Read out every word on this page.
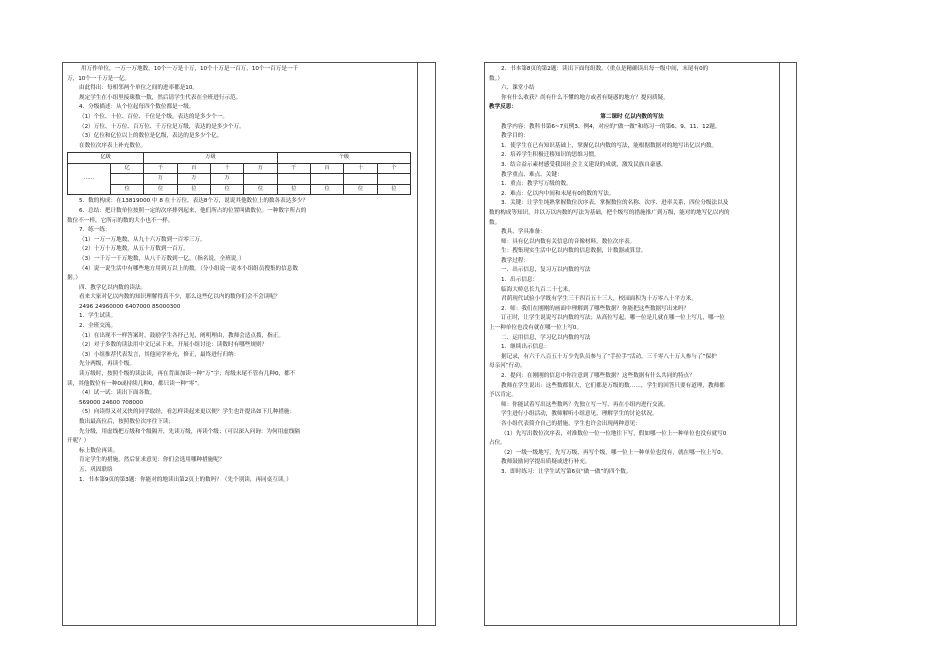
用万作单位，一万一万地数，10个一万是十万，10个十万是一百万，10个一百万是一千
万，10个一千万是一亿。
由此得出：每相邻两个单位之间的进率都是10。
规定学生在小组里接珠数一数，然后请学生代表在全班进行示范。
4．分级描述：从个位起每四个数位都是一级。
（1）个位、十位、百位、千位是个级，表达的是多少个一。
（2）万位、十万位、百万位、千万位是万级，表达的是多少个万。
（3）亿位和亿位以上的数位是亿级，表达的是多少个亿。
在数位次序表上补充数位。
亿级		万级				个级			
……	亿	千	百	十	万	千	百	十	个
		万	万	万					
	位	位	位	位	位	位	位	位	位
5．数的构成：在13819000 中 8 在十万位，表达8个万，说说其他数位上的数各表达多少？
6．总结：把计数单位按照一定的次序排列起来，他们所占的位置叫做数位。一种数字所占的
数位不一样，它所示的数的大小也不一样。
7．练一练：
（1）一万一万地数，从九十六万数到一百零三万。
（2）十万十万地数，从五十万数到一百万。
（3）一千万一千万地数，从八千万数到一亿。（指名说，全班说。）
（4）说一说生活中有哪些地方用到万以上的数。（分小组说一说本小组组员搜集的信息数
据。）
四、教学亿以内数的读法。
看来大家对亿以内数的知识理解得真不少，那么这些亿以内的数你们会不会读呢？
2496 24960000 6407000 85000300
1．学生试读。
2．全班交流。
（1）在出现不一样答案时，鼓励学生各抒己见，阐明理由，教师会适点拨，指正。
（2）对于多数的读法用中文记录下来，开展小组讨论：读数时有哪些规则？
（3）小组推荐代表发言，其他同学补充，修正，最终进行归纳：
先分两级，再读个级。
读万级时，按照个级的读法读，再在背面加读一种“万”字；每级末尾不管有几种0，都不
读，其他数位有一种0或持续几种0，都只读一种“零”。
（4）试一试：读出下面各数。
569000 24600 708000
（5）向读得又对又快的同学取经，看怎样读起来更以便？学生也许提出如下几种措施：
数出最高位后，按照数位次序往下读；
先分级，用虚线把万级和个级隔开，先读万级，再读个级；（可以深入问询：为何用虚线隔
开呢？）
标上数位再读。
肯定学生的措施，然后征求意见：你们会选用哪种措施呢？
五、巩固联络
1．书本第9页的第3题：你能对的地读出第2页上的数吗？（先个别读，再同桌互读。）
2．书本第8页的第2题：读出下面每组数。（重点是精确读出每一级中间，末尾有0的
数。）
六、课堂小结
你有什么收获？尚有什么不懂的地方或者有疑惑的地方？提问质疑。
教学反思：
第二课时 亿以内数的写法
教学内容：教科书第6~7页例3、例4，对应的“做一做”和练习一的第6、9、11、12题。
教学目的：
1．使学生在已有知识基础上，掌握亿以内数的写法，能根据数据对的地写出亿以内数。
2．培养学生积极迁移知识的思维习惯。
3．结合益示素材感受我国社会主义建设的成就，激发民族自豪感。
教学重点、难点、关键：
1．重点：教学写万级的数。
2．难点：亿以内中间和末尾有0的数的写法。
3．关键：让学生纯熟掌握数位次序表，掌握数位的名称、次序、进率关系，四位分级法以及
数的构成等知识，并以万以内数的写法为基础，把个级写的措施推广到万级，能对的地写亿以内的
数。
教具、学具准备：
师：具有亿以内数有关信息的音像材料，数位次序表。
生：搜集现实生活中亿以内数的信息数据，计数器或算盘。
教学过程：
一、出示信息，复习万以内数的写法
1．出示信息：
临海大桥总长九百二十七米。
君荫现代试验小学既有学生三千四百五十三人，校园面积为十万零八十平方米。
2．师：我们在刚刚的画面中理解到了哪些数据？你能把这些数据写出来吗？
订正时，让学生说说写以内数的写法；从高位写起，哪一位是几就在哪一位上写几，哪一位
上一种单位也没有就在哪一位上写0。
二、运用信息，学习亿以内数的写法
1．继续出示信息：
据记录，有六千八百五十万少先队员参与了“手拉手”活动，三千零八十万人参与了“保护
母亲河”行动。
2．提问：在刚刚的信息中你注意到了哪些数据？这些数据有什么共同的特点？
教师在学生说出：这些数都很大，它们都是万级的数……，学生的回答只要有道理，教师都
予以肯定。
师：你能试着写出这些数吗？先独立写一写，再在小组内进行交流。
学生进行小组活动，教师解听小组意见，理解学生的讨论状况。
各小组代表简介自己的措施，学生也许会出现两种意见：
（1）先写出数位次序表，对准数位一位一位地往下写，假如哪一位上一种单位也没有就写0
占位。
（2）一级一级地写，先写万级，再写个级，哪一位上一种单位也没有，就在哪一位上写0。
教师鼓励同学提出质疑或进行补充。
3．即时练习：让学生试写第6页“做一做”的四个数。
